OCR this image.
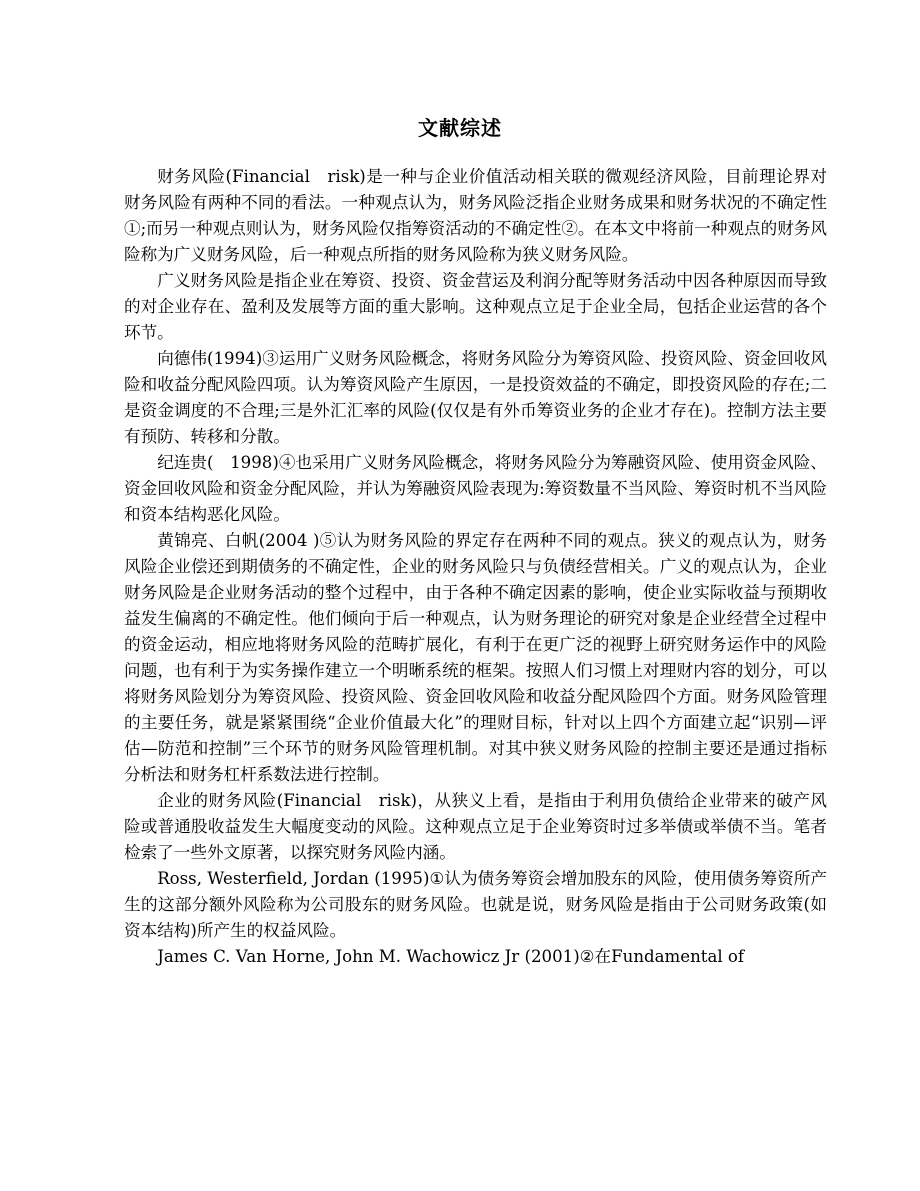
文献综述

财务风险(Financial　risk)是一种与企业价值活动相关联的微观经济风险，目前理论界对财务风险有两种不同的看法。一种观点认为，财务风险泛指企业财务成果和财务状况的不确定性①;而另一种观点则认为，财务风险仅指筹资活动的不确定性②。在本文中将前一种观点的财务风险称为广义财务风险，后一种观点所指的财务风险称为狭义财务风险。

广义财务风险是指企业在筹资、投资、资金营运及利润分配等财务活动中因各种原因而导致的对企业存在、盈利及发展等方面的重大影响。这种观点立足于企业全局，包括企业运营的各个环节。

向德伟(1994)③运用广义财务风险概念，将财务风险分为筹资风险、投资风险、资金回收风险和收益分配风险四项。认为筹资风险产生原因，一是投资效益的不确定，即投资风险的存在;二是资金调度的不合理;三是外汇汇率的风险(仅仅是有外币筹资业务的企业才存在)。控制方法主要有预防、转移和分散。

纪连贵(　1998)④也采用广义财务风险概念，将财务风险分为筹融资风险、使用资金风险、资金回收风险和资金分配风险，并认为筹融资风险表现为:筹资数量不当风险、筹资时机不当风险和资本结构恶化风险。

黄锦亮、白帆(2004 )⑤认为财务风险的界定存在两种不同的观点。狭义的观点认为，财务风险企业偿还到期债务的不确定性，企业的财务风险只与负债经营相关。广义的观点认为，企业财务风险是企业财务活动的整个过程中，由于各种不确定因素的影响，使企业实际收益与预期收益发生偏离的不确定性。他们倾向于后一种观点，认为财务理论的研究对象是企业经营全过程中的资金运动，相应地将财务风险的范畴扩展化，有利于在更广泛的视野上研究财务运作中的风险问题，也有利于为实务操作建立一个明晰系统的框架。按照人们习惯上对理财内容的划分，可以将财务风险划分为筹资风险、投资风险、资金回收风险和收益分配风险四个方面。财务风险管理的主要任务，就是紧紧围绕“企业价值最大化”的理财目标，针对以上四个方面建立起“识别—评估—防范和控制”三个环节的财务风险管理机制。对其中狭义财务风险的控制主要还是通过指标分析法和财务杠杆系数法进行控制。

企业的财务风险(Financial　risk)，从狭义上看，是指由于利用负债给企业带来的破产风险或普通股收益发生大幅度变动的风险。这种观点立足于企业筹资时过多举债或举债不当。笔者检索了一些外文原著，以探究财务风险内涵。

Ross, Westerfield, Jordan (1995)①认为债务筹资会增加股东的风险，使用债务筹资所产生的这部分额外风险称为公司股东的财务风险。也就是说，财务风险是指由于公司财务政策(如资本结构)所产生的权益风险。

James C. Van Horne, John M. Wachowicz Jr (2001)②在Fundamental of
